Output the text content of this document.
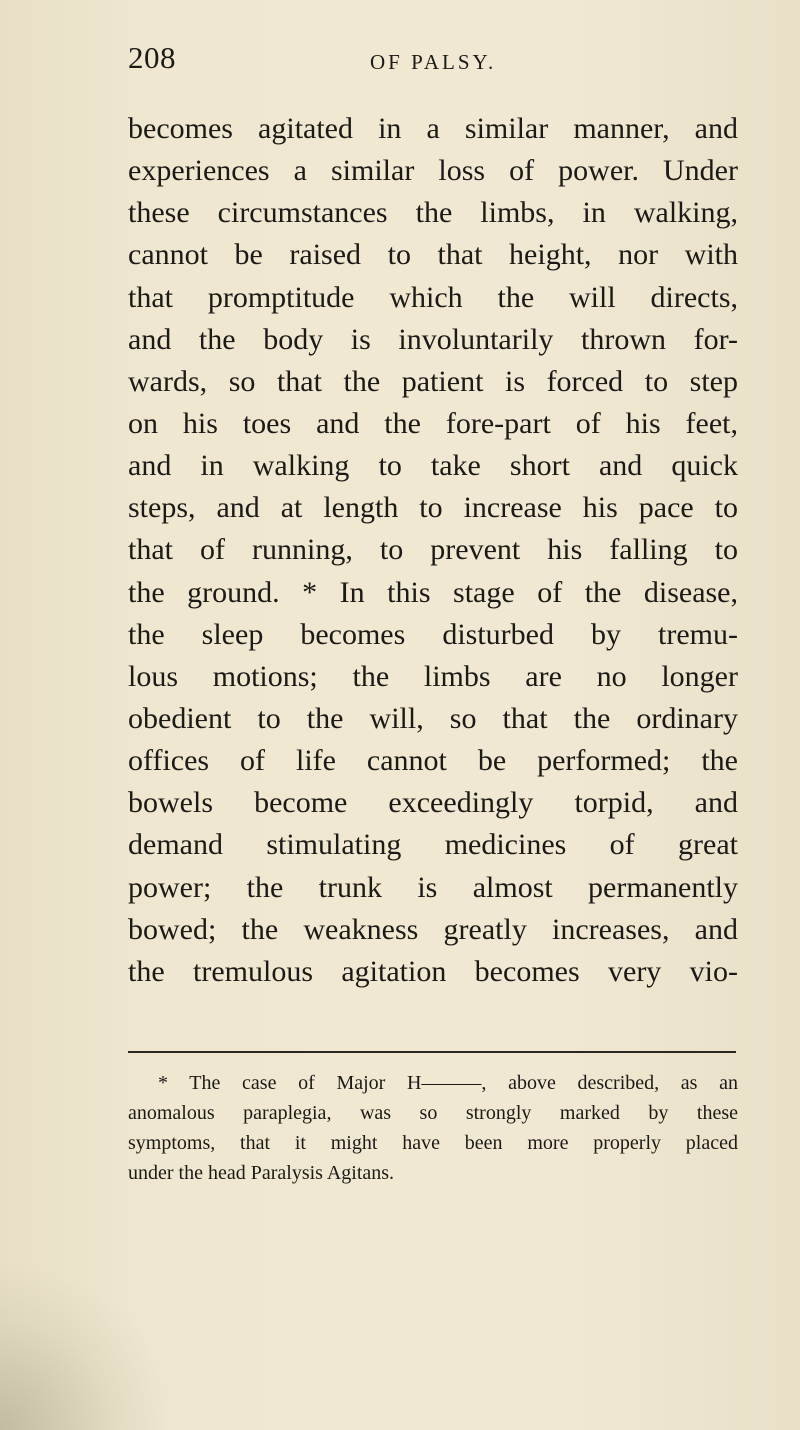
208	OF PALSY.
becomes agitated in a similar manner, and
experiences a similar loss of power. Under
these circumstances the limbs, in walking,
cannot be raised to that height, nor with
that promptitude which the will directs,
and the body is involuntarily thrown for-
wards, so that the patient is forced to step
on his toes and the fore-part of his feet,
and in walking to take short and quick
steps, and at length to increase his pace to
that of running, to prevent his falling to
the ground. * In this stage of the disease,
the sleep becomes disturbed by tremu-
lous motions; the limbs are no longer
obedient to the will, so that the ordinary
offices of life cannot be performed; the
bowels become exceedingly torpid, and
demand stimulating medicines of great
power; the trunk is almost permanently
bowed; the weakness greatly increases, and
the tremulous agitation becomes very vio-
* The case of Major H———, above described, as an
anomalous paraplegia, was so strongly marked by these
symptoms, that it might have been more properly placed
under the head Paralysis Agitans.
